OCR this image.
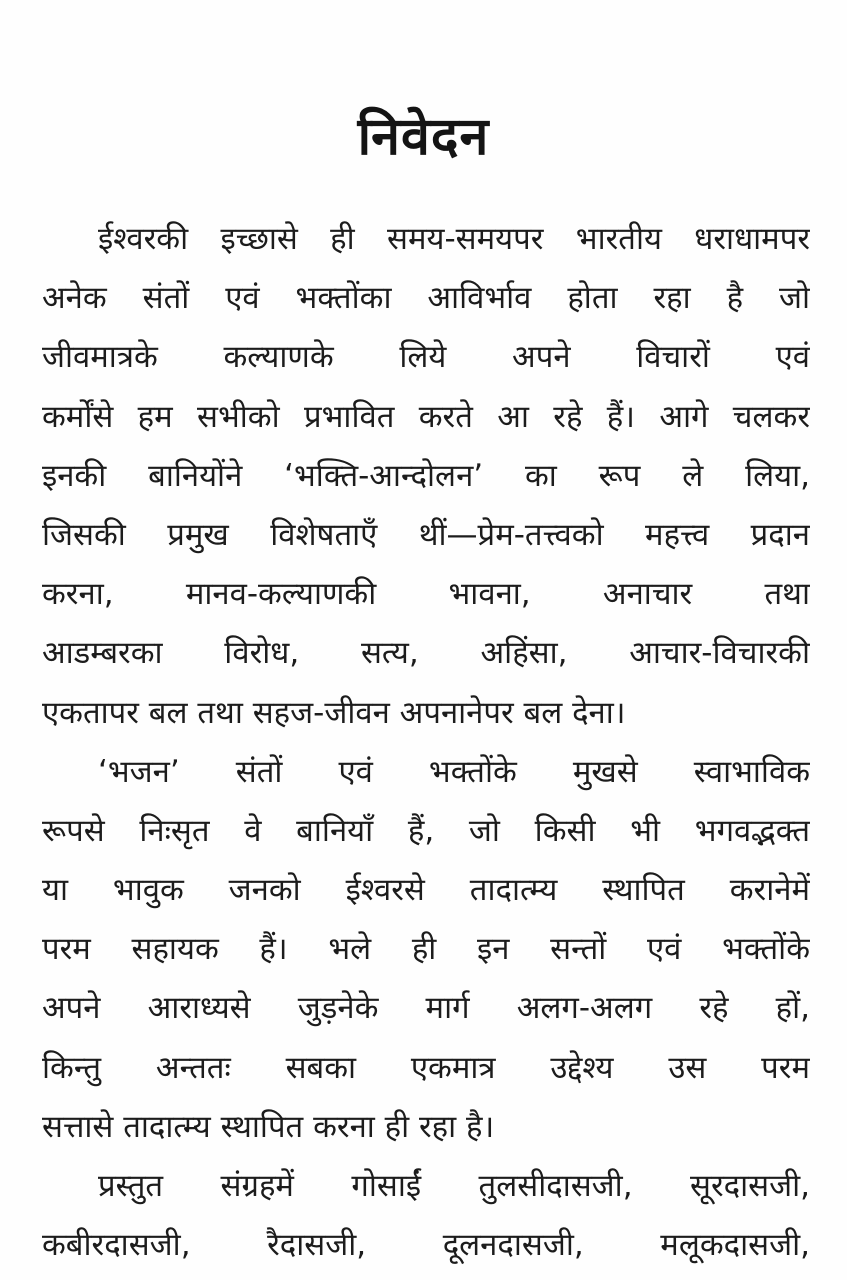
निवेदन
ईश्वरकी इच्छासे ही समय-समयपर भारतीय धराधामपर
अनेक संतों एवं भक्तोंका आविर्भाव होता रहा है जो
जीवमात्रके कल्याणके लिये अपने विचारों एवं
कर्मोंसे हम सभीको प्रभावित करते आ रहे हैं। आगे चलकर
इनकी बानियोंने ‘भक्ति-आन्दोलन’ का रूप ले लिया,
जिसकी प्रमुख विशेषताएँ थीं—प्रेम-तत्त्वको महत्त्व प्रदान
करना, मानव-कल्याणकी भावना, अनाचार तथा
आडम्बरका विरोध, सत्य, अहिंसा, आचार-विचारकी
एकतापर बल तथा सहज-जीवन अपनानेपर बल देना।
‘भजन’ संतों एवं भक्तोंके मुखसे स्वाभाविक
रूपसे निःसृत वे बानियाँ हैं, जो किसी भी भगवद्भक्त
या भावुक जनको ईश्वरसे तादात्म्य स्थापित करानेमें
परम सहायक हैं। भले ही इन सन्तों एवं भक्तोंके
अपने आराध्यसे जुड़नेके मार्ग अलग-अलग रहे हों,
किन्तु अन्ततः सबका एकमात्र उद्देश्य उस परम
सत्तासे तादात्म्य स्थापित करना ही रहा है।
प्रस्तुत संग्रहमें गोसाईं तुलसीदासजी, सूरदासजी,
कबीरदासजी, रैदासजी, दूलनदासजी, मलूकदासजी,
